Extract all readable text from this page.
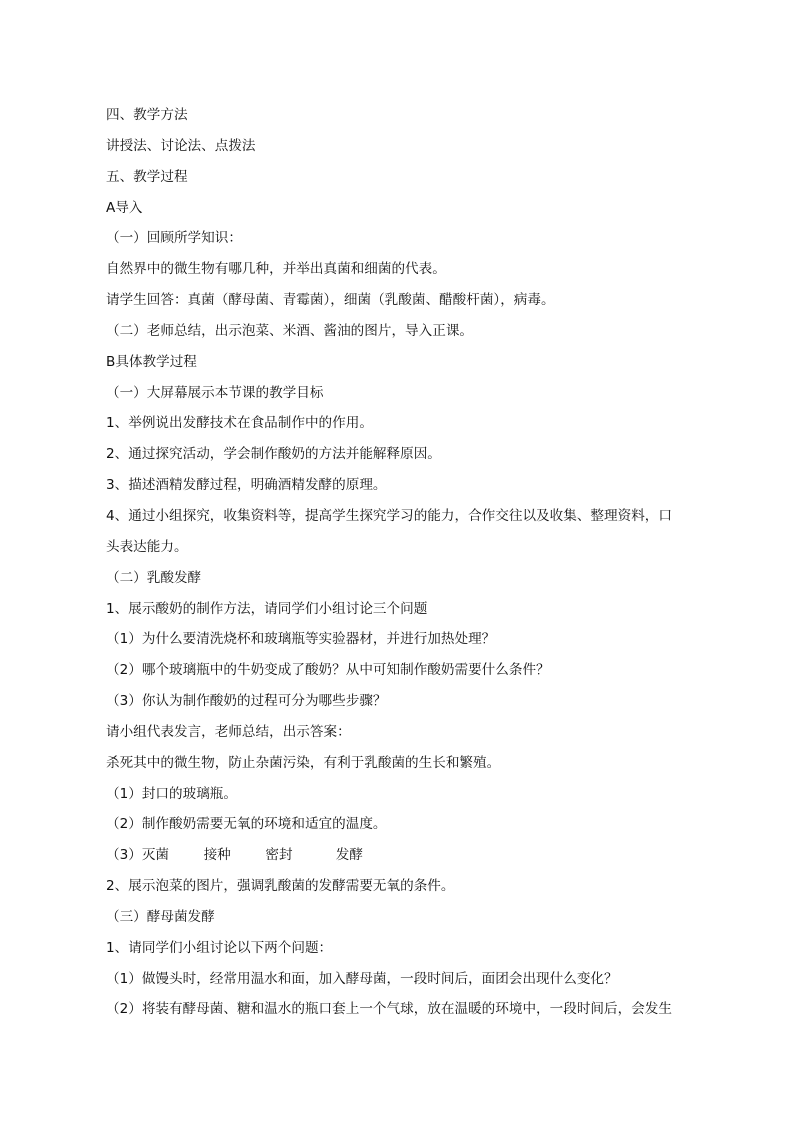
四、教学方法

讲授法、讨论法、点拨法

五、教学过程

A导入

（一）回顾所学知识：

自然界中的微生物有哪几种，并举出真菌和细菌的代表。

请学生回答：真菌（酵母菌、青霉菌），细菌（乳酸菌、醋酸杆菌），病毒。

（二）老师总结，出示泡菜、米酒、酱油的图片，导入正课。

B具体教学过程

（一）大屏幕展示本节课的教学目标

1、举例说出发酵技术在食品制作中的作用。

2、通过探究活动，学会制作酸奶的方法并能解释原因。

3、描述酒精发酵过程，明确酒精发酵的原理。

4、通过小组探究，收集资料等，提高学生探究学习的能力，合作交往以及收集、整理资料，口

头表达能力。

（二）乳酸发酵

1、展示酸奶的制作方法，请同学们小组讨论三个问题

（1）为什么要清洗烧杯和玻璃瓶等实验器材，并进行加热处理？

（2）哪个玻璃瓶中的牛奶变成了酸奶？从中可知制作酸奶需要什么条件？

（3）你认为制作酸奶的过程可分为哪些步骤？

请小组代表发言，老师总结，出示答案：

杀死其中的微生物，防止杂菌污染，有利于乳酸菌的生长和繁殖。

（1）封口的玻璃瓶。

（2）制作酸奶需要无氧的环境和适宜的温度。

（3）灭菌        接种        密封          发酵

2、展示泡菜的图片，强调乳酸菌的发酵需要无氧的条件。

（三）酵母菌发酵

1、请同学们小组讨论以下两个问题：

（1）做馒头时，经常用温水和面，加入酵母菌，一段时间后，面团会出现什么变化？

（2）将装有酵母菌、糖和温水的瓶口套上一个气球，放在温暖的环境中，一段时间后，会发生
